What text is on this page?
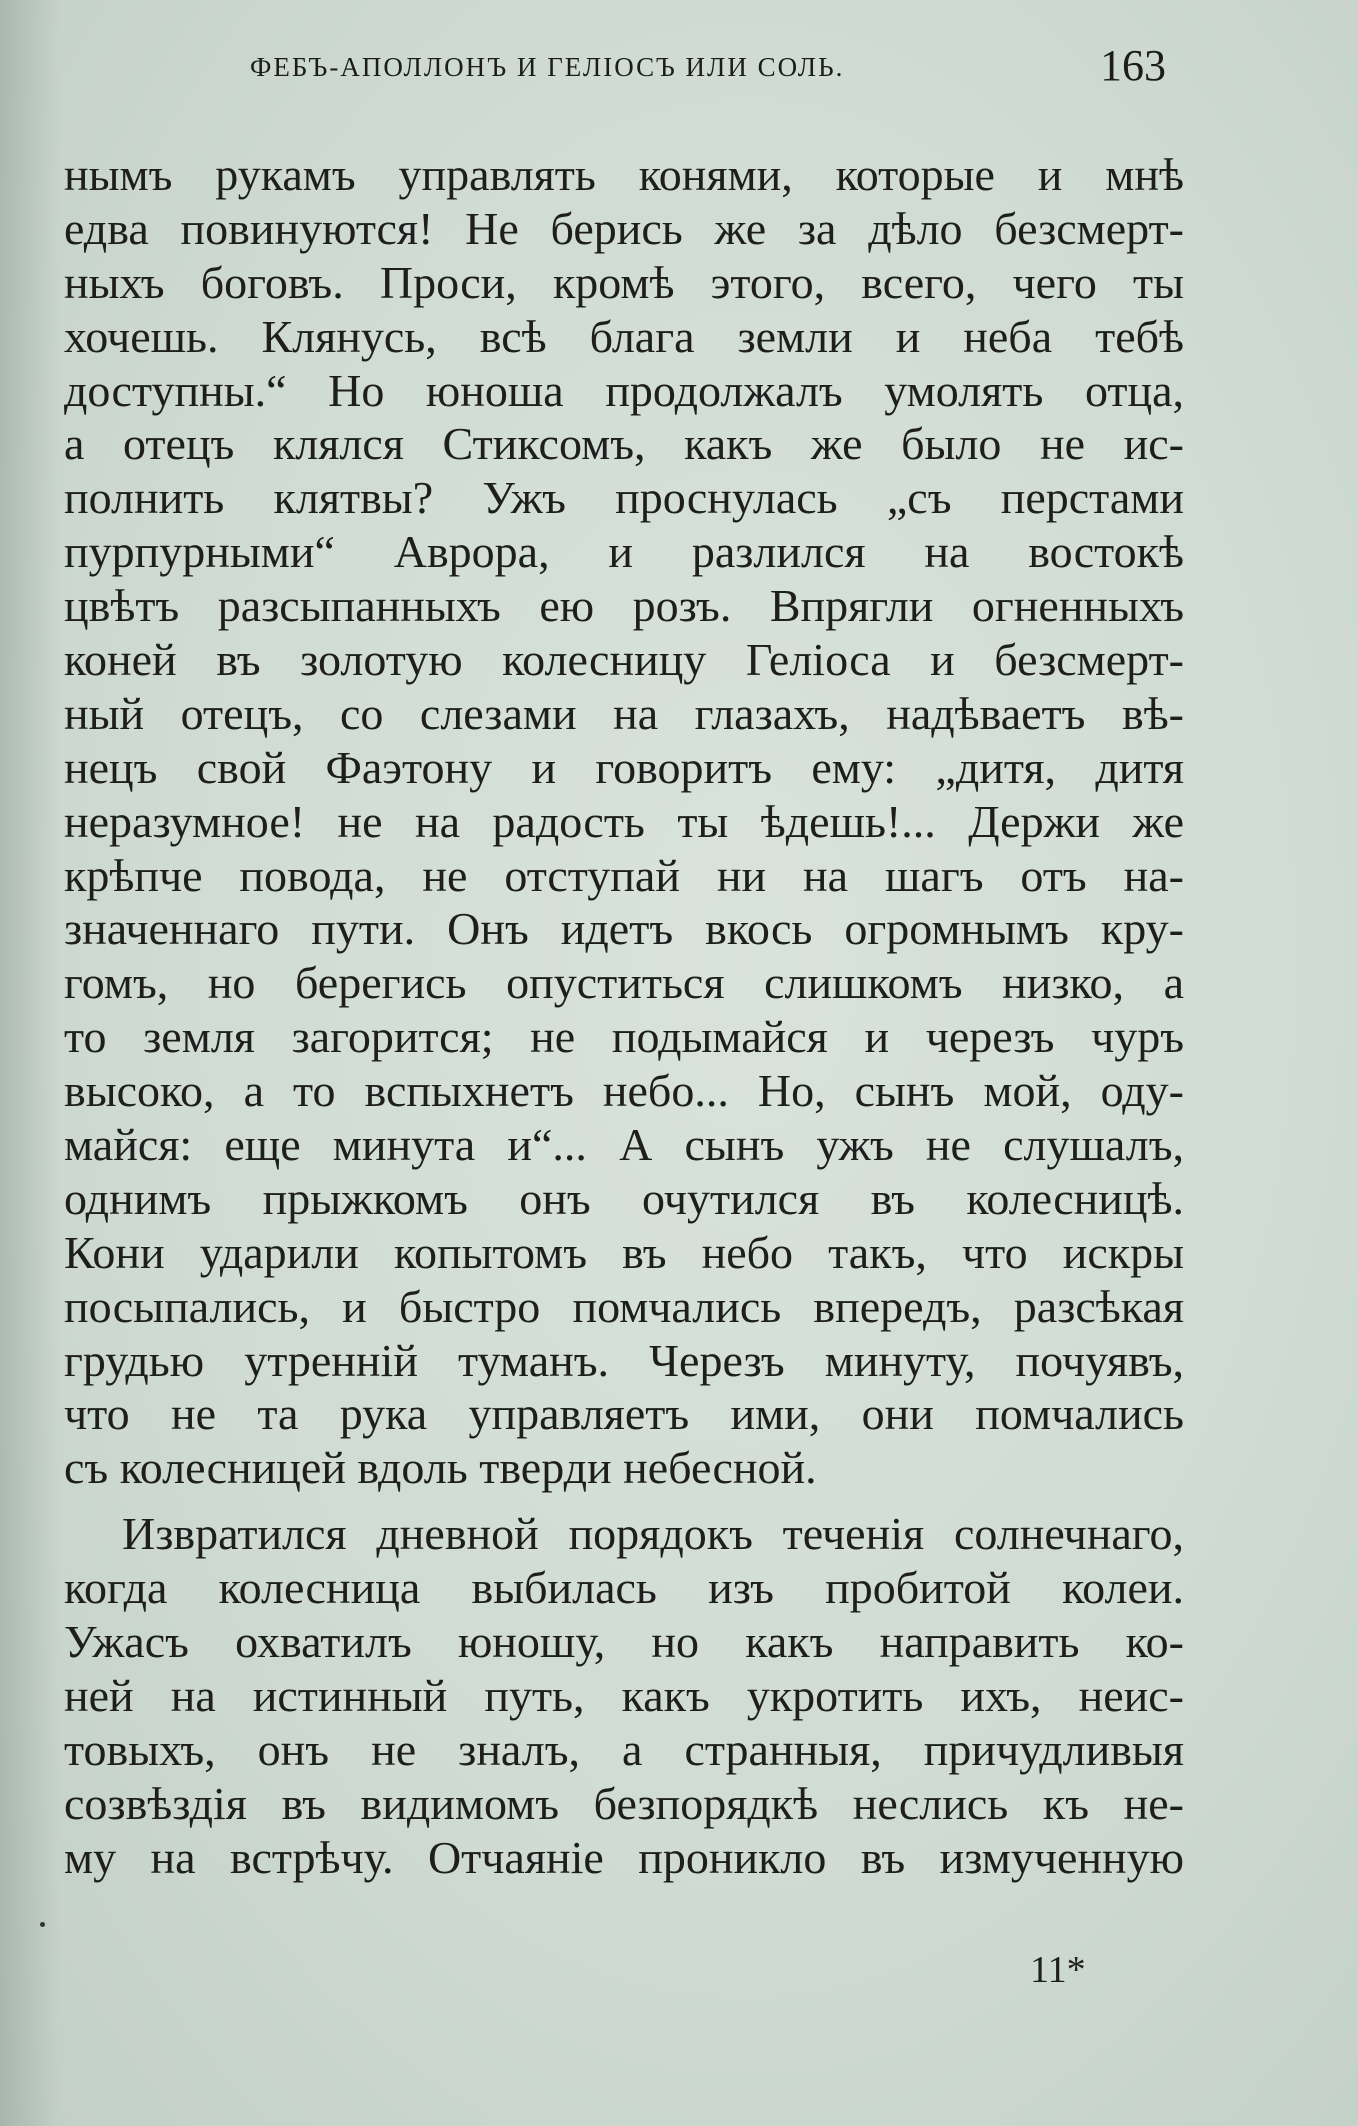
ФЕБЪ-АПОЛЛОНЪ И ГЕЛІОСЪ ИЛИ СОЛЬ.	163
нымъ рукамъ управлять конями, которые и мнѣ
едва повинуются! Не берись же за дѣло безсмерт-
ныхъ боговъ. Проси, кромѣ этого, всего, чего ты
хочешь. Клянусь, всѣ блага земли и неба тебѣ
доступны.“ Но юноша продолжалъ умолять отца,
а отецъ клялся Стиксомъ, какъ же было не ис-
полнить клятвы? Ужъ проснулась „съ перстами
пурпурными“ Аврора, и разлился на востокѣ
цвѣтъ разсыпанныхъ ею розъ. Впрягли огненныхъ
коней въ золотую колесницу Геліоса и безсмерт-
ный отецъ, со слезами на глазахъ, надѣваетъ вѣ-
нецъ свой Фаэтону и говоритъ ему: „дитя, дитя
неразумное! не на радость ты ѣдешь!... Держи же
крѣпче повода, не отступай ни на шагъ отъ на-
значеннаго пути. Онъ идетъ вкось огромнымъ кру-
гомъ, но берегись опуститься слишкомъ низко, а
то земля загорится; не подымайся и черезъ чуръ
высоко, а то вспыхнетъ небо... Но, сынъ мой, оду-
майся: еще минута и“... А сынъ ужъ не слушалъ,
однимъ прыжкомъ онъ очутился въ колесницѣ.
Кони ударили копытомъ въ небо такъ, что искры
посыпались, и быстро помчались впередъ, разсѣкая
грудью утренній туманъ. Черезъ минуту, почуявъ,
что не та рука управляетъ ими, они помчались
съ колесницей вдоль тверди небесной.
Извратился дневной порядокъ теченія солнечнаго,
когда колесница выбилась изъ пробитой колеи.
Ужасъ охватилъ юношу, но какъ направить ко-
ней на истинный путь, какъ укротить ихъ, неис-
товыхъ, онъ не зналъ, а странныя, причудливыя
созвѣздія въ видимомъ безпорядкѣ неслись къ не-
му на встрѣчу. Отчаяніе проникло въ измученную
11*
